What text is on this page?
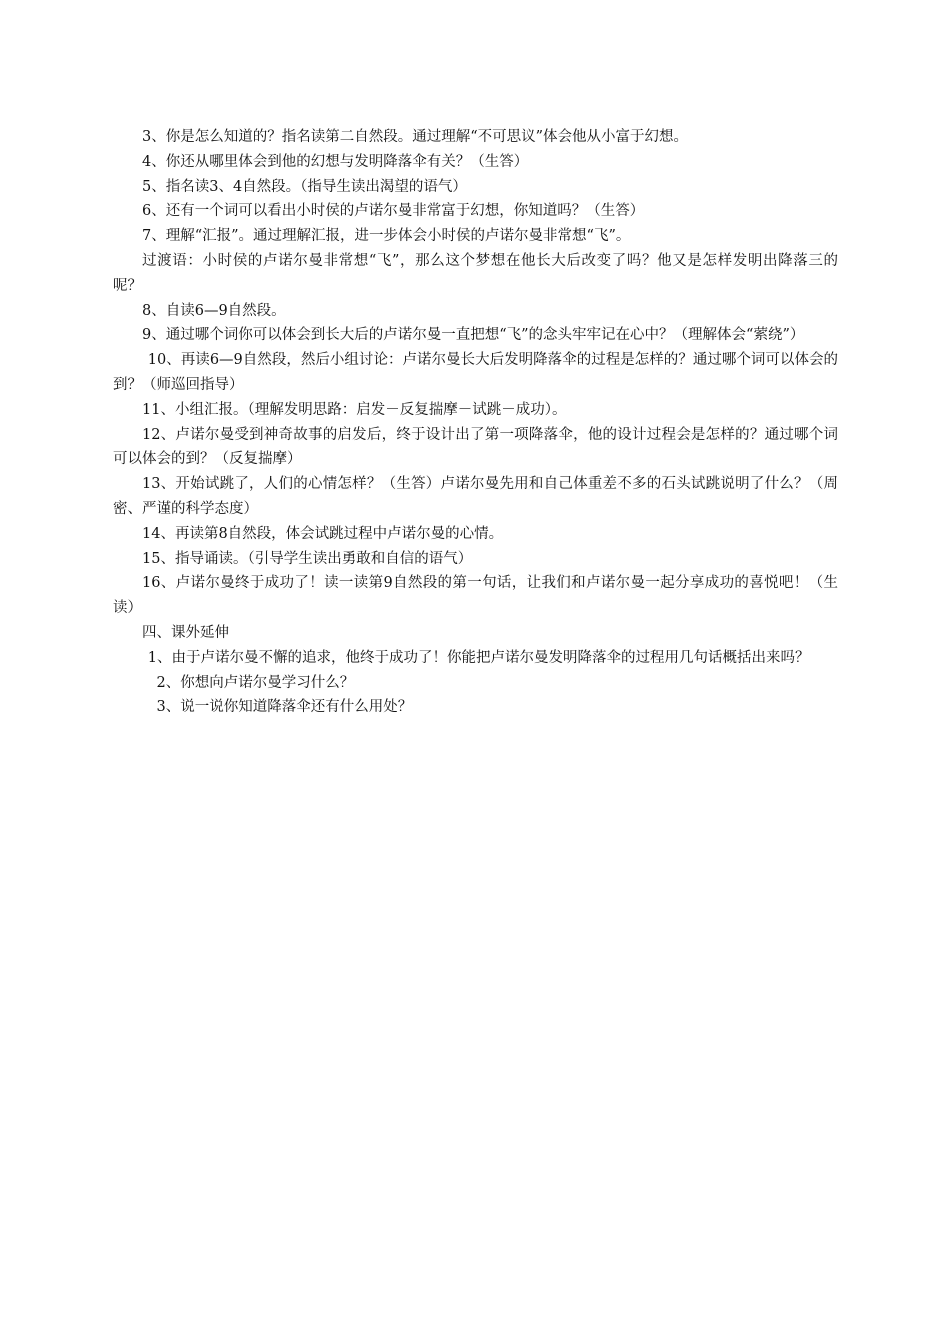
3、你是怎么知道的？指名读第二自然段。通过理解“不可思议”体会他从小富于幻想。

4、你还从哪里体会到他的幻想与发明降落伞有关？（生答）

5、指名读3、4自然段。（指导生读出渴望的语气）

6、还有一个词可以看出小时侯的卢诺尔曼非常富于幻想，你知道吗？（生答）

7、理解“汇报”。通过理解汇报，进一步体会小时侯的卢诺尔曼非常想“飞”。

过渡语：小时侯的卢诺尔曼非常想“飞”，那么这个梦想在他长大后改变了吗？他又是怎样发明出降落三的呢？

8、自读6—9自然段。

9、通过哪个词你可以体会到长大后的卢诺尔曼一直把想“飞”的念头牢牢记在心中？（理解体会“萦绕”）

10、再读6—9自然段，然后小组讨论：卢诺尔曼长大后发明降落伞的过程是怎样的？通过哪个词可以体会的到？（师巡回指导）

11、小组汇报。（理解发明思路：启发－反复揣摩－试跳－成功）。

12、卢诺尔曼受到神奇故事的启发后，终于设计出了第一项降落伞，他的设计过程会是怎样的？通过哪个词可以体会的到？（反复揣摩）

13、开始试跳了，人们的心情怎样？（生答）卢诺尔曼先用和自己体重差不多的石头试跳说明了什么？（周密、严谨的科学态度）

14、再读第8自然段，体会试跳过程中卢诺尔曼的心情。

15、指导诵读。（引导学生读出勇敢和自信的语气）

16、卢诺尔曼终于成功了！读一读第9自然段的第一句话，让我们和卢诺尔曼一起分享成功的喜悦吧！（生读）

四、课外延伸

1、由于卢诺尔曼不懈的追求，他终于成功了！你能把卢诺尔曼发明降落伞的过程用几句话概括出来吗？

2、你想向卢诺尔曼学习什么？

3、说一说你知道降落伞还有什么用处？
